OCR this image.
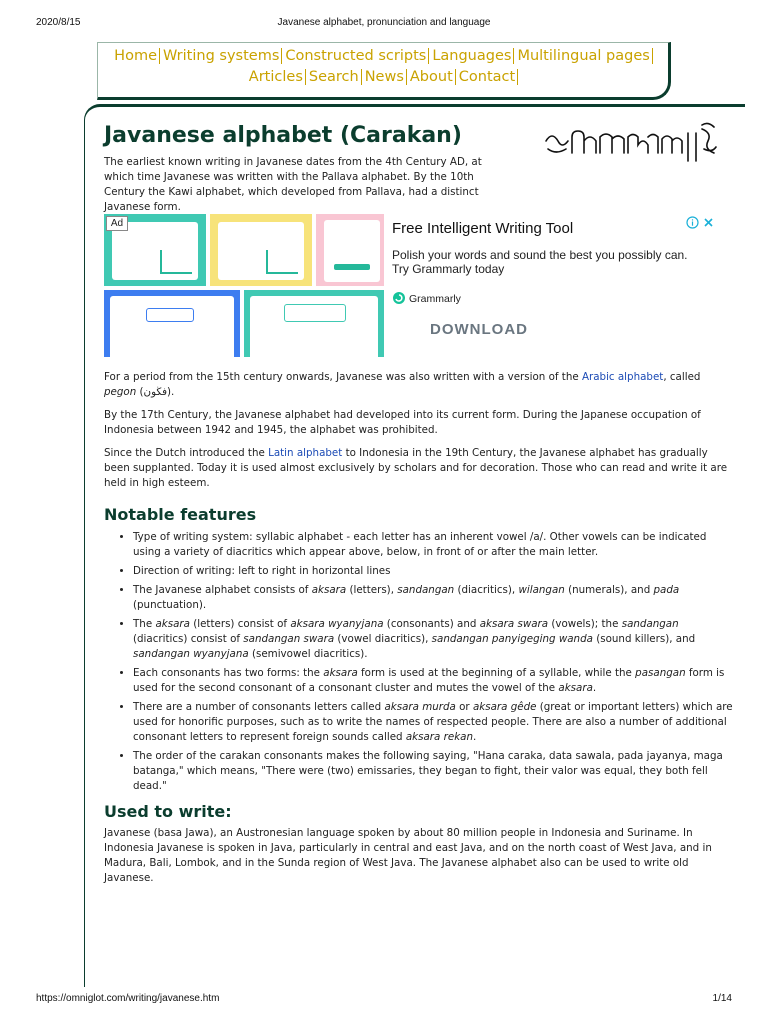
2020/8/15	Javanese alphabet, pronunciation and language
Home Writing systems Constructed scripts Languages Multilingual pages
Articles Search News About Contact
Javanese alphabet (Carakan)

The earliest known writing in Javanese dates from the 4th Century AD, at which time Javanese was written with the Pallava alphabet. By the 10th Century the Kawi alphabet, which developed from Pallava, had a distinct Javanese form.

Ad	Free Intelligent Writing Tool
Polish your words and sound the best you possibly can. Try Grammarly today
Grammarly
DOWNLOAD

For a period from the 15th century onwards, Javanese was also written with a version of the Arabic alphabet, called pegon (فڬون).

By the 17th Century, the Javanese alphabet had developed into its current form. During the Japanese occupation of Indonesia between 1942 and 1945, the alphabet was prohibited.

Since the Dutch introduced the Latin alphabet to Indonesia in the 19th Century, the Javanese alphabet has gradually been supplanted. Today it is used almost exclusively by scholars and for decoration. Those who can read and write it are held in high esteem.

Notable features
• Type of writing system: syllabic alphabet - each letter has an inherent vowel /a/. Other vowels can be indicated using a variety of diacritics which appear above, below, in front of or after the main letter.
• Direction of writing: left to right in horizontal lines
• The Javanese alphabet consists of aksara (letters), sandangan (diacritics), wilangan (numerals), and pada (punctuation).
• The aksara (letters) consist of aksara wyanyjana (consonants) and aksara swara (vowels); the sandangan (diacritics) consist of sandangan swara (vowel diacritics), sandangan panyigeging wanda (sound killers), and sandangan wyanyjana (semivowel diacritics).
• Each consonants has two forms: the aksara form is used at the beginning of a syllable, while the pasangan form is used for the second consonant of a consonant cluster and mutes the vowel of the aksara.
• There are a number of consonants letters called aksara murda or aksara gêde (great or important letters) which are used for honorific purposes, such as to write the names of respected people. There are also a number of additional consonant letters to represent foreign sounds called aksara rekan.
• The order of the carakan consonants makes the following saying, "Hana caraka, data sawala, pada jayanya, maga batanga," which means, "There were (two) emissaries, they began to fight, their valor was equal, they both fell dead."
Used to write:

Javanese (basa Jawa), an Austronesian language spoken by about 80 million people in Indonesia and Suriname. In Indonesia Javanese is spoken in Java, particularly in central and east Java, and on the north coast of West Java, and in Madura, Bali, Lombok, and in the Sunda region of West Java. The Javanese alphabet also can be used to write old Javanese.

https://omniglot.com/writing/javanese.htm	1/14
